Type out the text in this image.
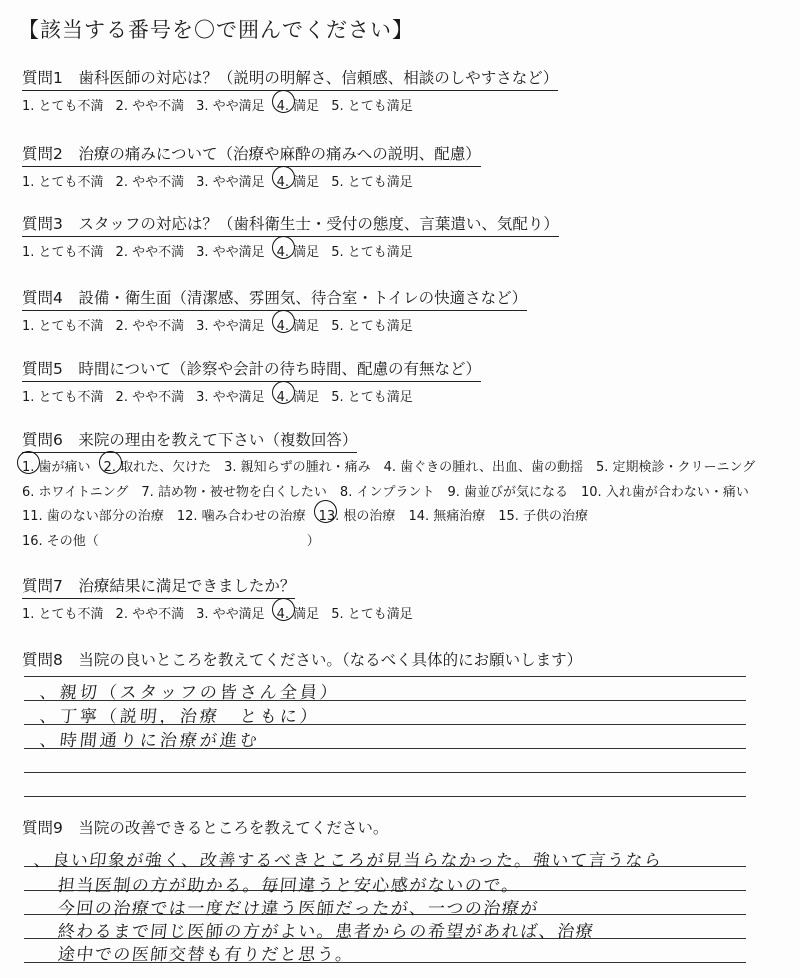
【該当する番号を〇で囲んでください】
質問1　歯科医師の対応は？（説明の明解さ、信頼感、相談のしやすさなど）
1. とても不満 2. やや不満 3. やや満足 4. 満足 5. とても満足
質問2　治療の痛みについて（治療や麻酔の痛みへの説明、配慮）
1. とても不満 2. やや不満 3. やや満足 4. 満足 5. とても満足
質問3　スタッフの対応は？（歯科衛生士・受付の態度、言葉遣い、気配り）
1. とても不満 2. やや不満 3. やや満足 4. 満足 5. とても満足
質問4　設備・衛生面（清潔感、雰囲気、待合室・トイレの快適さなど）
1. とても不満 2. やや不満 3. やや満足 4. 満足 5. とても満足
質問5　時間について（診察や会計の待ち時間、配慮の有無など）
1. とても不満 2. やや不満 3. やや満足 4. 満足 5. とても満足
質問6　来院の理由を教えて下さい（複数回答）
1. 歯が痛い 2. 取れた、欠けた 3. 親知らずの腫れ・痛み 4. 歯ぐきの腫れ、出血、歯の動揺 5. 定期検診・クリーニング6. ホワイトニング 7. 詰め物・被せ物を白くしたい 8. インプラント 9. 歯並びが気になる 10. 入れ歯が合わない・痛い11. 歯のない部分の治療 12. 噛み合わせの治療 13. 根の治療 14. 無痛治療 15. 子供の治療16. その他（　　　　　　　　　　　　　　　　）
質問7　治療結果に満足できましたか？
1. とても不満 2. やや不満 3. やや満足 4. 満足 5. とても満足
質問8　当院の良いところを教えてください。（なるべく具体的にお願いします）
、親切（スタッフの皆さん全員）
、丁寧（説明，治療　ともに）
、時間通りに治療が進む
質問9　当院の改善できるところを教えてください。
、良い印象が強く、改善するべきところが見当らなかった。強いて言うなら
担当医制の方が助かる。毎回違うと安心感がないので。
今回の治療では一度だけ違う医師だったが、一つの治療が
終わるまで同じ医師の方がよい。患者からの希望があれば、治療
途中での医師交替も有りだと思う。
